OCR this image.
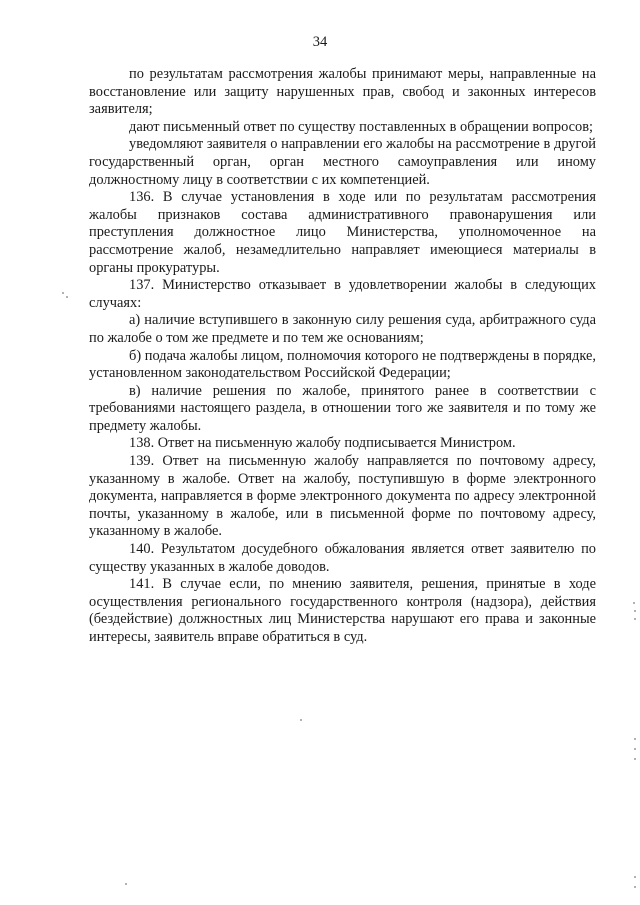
34

по результатам рассмотрения жалобы принимают меры, направленные на восстановление или защиту нарушенных прав, свобод и законных интересов заявителя;

дают письменный ответ по существу поставленных в обращении вопросов;

уведомляют заявителя о направлении его жалобы на рассмотрение в другой государственный орган, орган местного самоуправления или иному должностному лицу в соответствии с их компетенцией.

136. В случае установления в ходе или по результатам рассмотрения жалобы признаков состава административного правонарушения или преступления должностное лицо Министерства, уполномоченное на рассмотрение жалоб, незамедлительно направляет имеющиеся материалы в органы прокуратуры.

137. Министерство отказывает в удовлетворении жалобы в следующих случаях:

а) наличие вступившего в законную силу решения суда, арбитражного суда по жалобе о том же предмете и по тем же основаниям;

б) подача жалобы лицом, полномочия которого не подтверждены в порядке, установленном законодательством Российской Федерации;

в) наличие решения по жалобе, принятого ранее в соответствии с требованиями настоящего раздела, в отношении того же заявителя и по тому же предмету жалобы.

138. Ответ на письменную жалобу подписывается Министром.

139. Ответ на письменную жалобу направляется по почтовому адресу, указанному в жалобе. Ответ на жалобу, поступившую в форме электронного документа, направляется в форме электронного документа по адресу электронной почты, указанному в жалобе, или в письменной форме по почтовому адресу, указанному в жалобе.

140. Результатом досудебного обжалования является ответ заявителю по существу указанных в жалобе доводов.

141. В случае если, по мнению заявителя, решения, принятые в ходе осуществления регионального государственного контроля (надзора), действия (бездействие) должностных лиц Министерства нарушают его права и законные интересы, заявитель вправе обратиться в суд.
